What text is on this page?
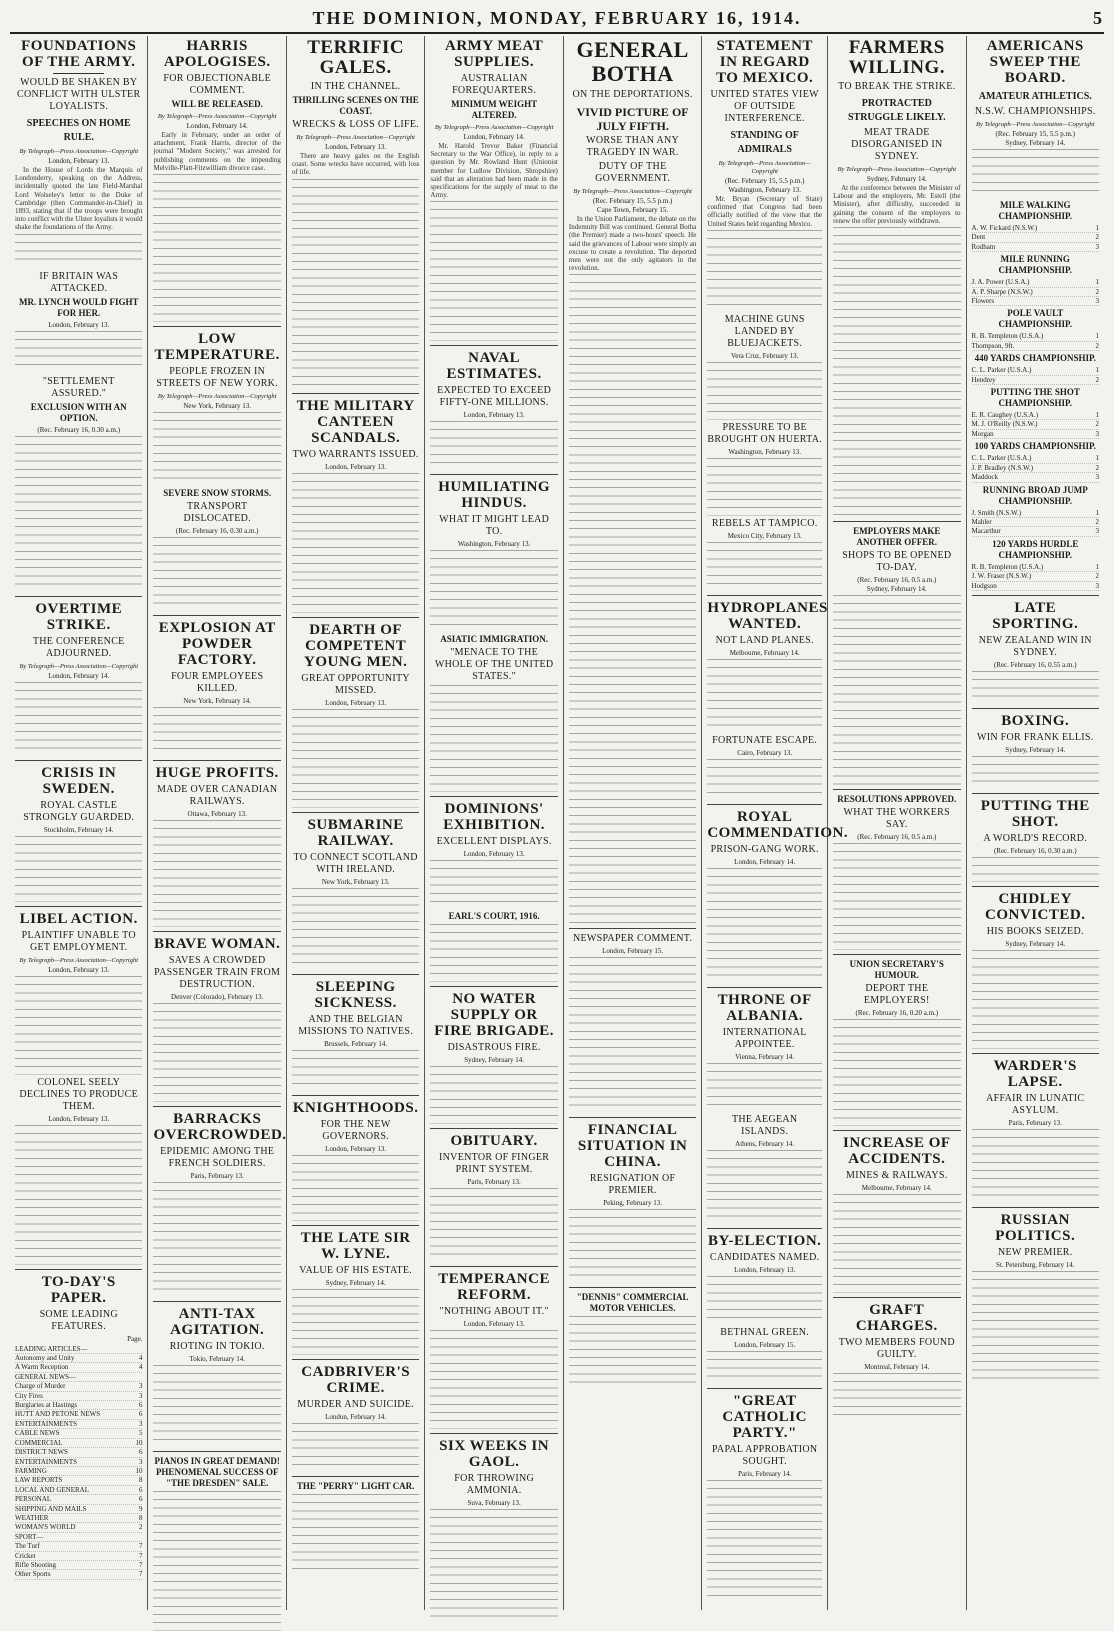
THE DOMINION, MONDAY, FEBRUARY 16, 1914.	5
FOUNDATIONS OF THE ARMY.
WOULD BE SHAKEN BY CONFLICT WITH ULSTER LOYALISTS.
SPEECHES ON HOME RULE.
By Telegraph—Press Association—Copyright
London, February 13.

In the House of Lords the Marquis of Londonderry, speaking on the Address, incidentally quoted the late Field-Marshal Lord Wolseley's letter to the Duke of Cambridge (then Commander-in-Chief) in 1893, stating that if the troops were brought into conflict with the Ulster loyalists it would shake the foundations of the Army.

IF BRITAIN WAS ATTACKED.
MR. LYNCH WOULD FIGHT FOR HER.
London, February 13.
"SETTLEMENT ASSURED."
EXCLUSION WITH AN OPTION.
(Rec. February 16, 0.30 a.m.)
OVERTIME STRIKE.
THE CONFERENCE ADJOURNED.
By Telegraph—Press Association—Copyright
London, February 14.
CRISIS IN SWEDEN.
ROYAL CASTLE STRONGLY GUARDED.
Stockholm, February 14.
LIBEL ACTION.
PLAINTIFF UNABLE TO GET EMPLOYMENT.
By Telegraph—Press Association—Copyright
London, February 13.
COLONEL SEELY DECLINES TO PRODUCE THEM.
London, February 13.
TO-DAY'S PAPER.
SOME LEADING FEATURES.
Page.
LEADING ARTICLES—
Autonomy and Unity	4
A Warm Reception	4
GENERAL NEWS—
Charge of Murder	3
City Fires	3
Burglaries at Hastings	6
HUTT AND PETONE NEWS	6
ENTERTAINMENTS	3
CABLE NEWS	5
COMMERCIAL	10
DISTRICT NEWS	6
ENTERTAINMENTS	3
FARMING	10
LAW REPORTS	8
LOCAL AND GENERAL	6
PERSONAL	6
SHIPPING AND MAILS	9
WEATHER	8
WOMAN'S WORLD	2
SPORT—
The Turf	7
Cricket	7
Rifle Shooting	7
Other Sports	7
HARRIS APOLOGISES.
FOR OBJECTIONABLE COMMENT.
WILL BE RELEASED.
By Telegraph—Press Association—Copyright
London, February 14.

Early in February, under an order of attachment, Frank Harris, director of the journal "Modern Society," was arrested for publishing comments on the impending Melville-Platt-Fitzwilliam divorce case.

LOW TEMPERATURE.
PEOPLE FROZEN IN STREETS OF NEW YORK.
By Telegraph—Press Association—Copyright
New York, February 13.
SEVERE SNOW STORMS.
TRANSPORT DISLOCATED.
(Rec. February 16, 0.30 a.m.)
EXPLOSION AT POWDER FACTORY.
FOUR EMPLOYEES KILLED.
New York, February 14.
HUGE PROFITS.
MADE OVER CANADIAN RAILWAYS.
Ottawa, February 13.
BRAVE WOMAN.
SAVES A CROWDED PASSENGER TRAIN FROM DESTRUCTION.
Denver (Colorado), February 13.
BARRACKS OVERCROWDED.
EPIDEMIC AMONG THE FRENCH SOLDIERS.
Paris, February 13.
ANTI-TAX AGITATION.
RIOTING IN TOKIO.
Tokio, February 14.
PIANOS IN GREAT DEMAND! PHENOMENAL SUCCESS OF "THE DRESDEN" SALE.
TERRIFIC GALES.
IN THE CHANNEL.
THRILLING SCENES ON THE COAST.
WRECKS & LOSS OF LIFE.
By Telegraph—Press Association—Copyright
London, February 13.

There are heavy gales on the English coast. Some wrecks have occurred, with loss of life.

THE MILITARY CANTEEN SCANDALS.
TWO WARRANTS ISSUED.
London, February 13.
DEARTH OF COMPETENT YOUNG MEN.
GREAT OPPORTUNITY MISSED.
London, February 13.
SUBMARINE RAILWAY.
TO CONNECT SCOTLAND WITH IRELAND.
New York, February 13.
SLEEPING SICKNESS.
AND THE BELGIAN MISSIONS TO NATIVES.
Brussels, February 14.
KNIGHTHOODS.
FOR THE NEW GOVERNORS.
London, February 13.
THE LATE SIR W. LYNE.
VALUE OF HIS ESTATE.
Sydney, February 14.
CADBRIVER'S CRIME.
MURDER AND SUICIDE.
London, February 14.
THE "PERRY" LIGHT CAR.
ARMY MEAT SUPPLIES.
AUSTRALIAN FOREQUARTERS.
MINIMUM WEIGHT ALTERED.
By Telegraph—Press Association—Copyright
London, February 14.

Mr. Harold Trevor Baker (Financial Secretary to the War Office), in reply to a question by Mr. Rowland Hunt (Unionist member for Ludlow Division, Shropshire) said that an alteration had been made in the specifications for the supply of meat to the Army.

NAVAL ESTIMATES.
EXPECTED TO EXCEED FIFTY-ONE MILLIONS.
London, February 13.
HUMILIATING HINDUS.
WHAT IT MIGHT LEAD TO.
Washington, February 13.
ASIATIC IMMIGRATION.
"MENACE TO THE WHOLE OF THE UNITED STATES."
DOMINIONS' EXHIBITION.
EXCELLENT DISPLAYS.
London, February 13.
EARL'S COURT, 1916.
NO WATER SUPPLY OR FIRE BRIGADE.
DISASTROUS FIRE.
Sydney, February 14.
OBITUARY.
INVENTOR OF FINGER PRINT SYSTEM.
Paris, February 13.
TEMPERANCE REFORM.
"NOTHING ABOUT IT."
London, February 13.
SIX WEEKS IN GAOL.
FOR THROWING AMMONIA.
Suva, February 13.
GENERAL BOTHA
ON THE DEPORTATIONS.
VIVID PICTURE OF JULY FIFTH.
WORSE THAN ANY TRAGEDY IN WAR.
DUTY OF THE GOVERNMENT.
By Telegraph—Press Association—Copyright
(Rec. February 15, 5.5 p.m.)
Cape Town, February 15.

In the Union Parliament, the debate on the Indemnity Bill was continued. General Botha (the Premier) made a two-hours' speech. He said the grievances of Labour were simply an excuse to create a revolution. The deported men were not the only agitators in the revolution.

NEWSPAPER COMMENT.
London, February 15.
FINANCIAL SITUATION IN CHINA.
RESIGNATION OF PREMIER.
Peking, February 13.
"DENNIS" COMMERCIAL MOTOR VEHICLES.
STATEMENT IN REGARD TO MEXICO.
UNITED STATES VIEW OF OUTSIDE INTERFERENCE.
STANDING OF ADMIRALS
By Telegraph—Press Association—Copyright
(Rec. February 15, 5.5 p.m.)
Washington, February 13.

Mr. Bryan (Secretary of State) confirmed that Congress had been officially notified of the view that the United States held regarding Mexico.

MACHINE GUNS LANDED BY BLUEJACKETS.
Vera Cruz, February 13.
PRESSURE TO BE BROUGHT ON HUERTA.
Washington, February 13.
REBELS AT TAMPICO.
Mexico City, February 13.
HYDROPLANES WANTED.
NOT LAND PLANES.
Melbourne, February 14.
FORTUNATE ESCAPE.
Cairo, February 13.
ROYAL COMMENDATION.
PRISON-GANG WORK.
London, February 14.
THRONE OF ALBANIA.
INTERNATIONAL APPOINTEE.
Vienna, February 14.
THE AEGEAN ISLANDS.
Athens, February 14.
BY-ELECTION.
CANDIDATES NAMED.
London, February 13.
BETHNAL GREEN.
London, February 15.
"GREAT CATHOLIC PARTY."
PAPAL APPROBATION SOUGHT.
Paris, February 14.
FARMERS WILLING.
TO BREAK THE STRIKE.
PROTRACTED STRUGGLE LIKELY.
MEAT TRADE DISORGANISED IN SYDNEY.
By Telegraph—Press Association—Copyright
Sydney, February 14.

At the conference between the Minister of Labour and the employers, Mr. Estell (the Minister), after difficulty, succeeded in gaining the consent of the employers to renew the offer previously withdrawn.

EMPLOYERS MAKE ANOTHER OFFER.
SHOPS TO BE OPENED TO-DAY.
(Rec. February 16, 0.5 a.m.)
Sydney, February 14.
RESOLUTIONS APPROVED.
WHAT THE WORKERS SAY.
(Rec. February 16, 0.5 a.m.)
UNION SECRETARY'S HUMOUR.
DEPORT THE EMPLOYERS!
(Rec. February 16, 0.20 a.m.)
INCREASE OF ACCIDENTS.
MINES & RAILWAYS.
Melbourne, February 14.
GRAFT CHARGES.
TWO MEMBERS FOUND GUILTY.
Montreal, February 14.
AMERICANS SWEEP THE BOARD.
AMATEUR ATHLETICS.
N.S.W. CHAMPIONSHIPS.
By Telegraph—Press Association—Copyright
(Rec. February 15, 5.5 p.m.)
Sydney, February 14.
MILE WALKING CHAMPIONSHIP.
A. W. Fickard (N.S.W.)	1
Dent	2
Rodham	3
MILE RUNNING CHAMPIONSHIP.
J. A. Power (U.S.A.)	1
A. P. Sharpe (N.S.W.)	2
Flowers	3
POLE VAULT CHAMPIONSHIP.
R. B. Templeton (U.S.A.)	1
Thompson, 9ft.	2
440 YARDS CHAMPIONSHIP.
C. L. Parker (U.S.A.)	1
Hendrey	2
PUTTING THE SHOT CHAMPIONSHIP.
E. R. Caughey (U.S.A.)	1
M. J. O'Reilly (N.S.W.)	2
Morgan	3
100 YARDS CHAMPIONSHIP.
C. L. Parker (U.S.A.)	1
J. P. Bradley (N.S.W.)	2
Maddock	3
RUNNING BROAD JUMP CHAMPIONSHIP.
J. Smith (N.S.W.)	1
Mahler	2
Macarthur	3
120 YARDS HURDLE CHAMPIONSHIP.
R. B. Templeton (U.S.A.)	1
J. W. Fraser (N.S.W.)	2
Hodgson	3
LATE SPORTING.
NEW ZEALAND WIN IN SYDNEY.
(Rec. February 16, 0.55 a.m.)
BOXING.
WIN FOR FRANK ELLIS.
Sydney, February 14.
PUTTING THE SHOT.
A WORLD'S RECORD.
(Rec. February 16, 0.30 a.m.)
CHIDLEY CONVICTED.
HIS BOOKS SEIZED.
Sydney, February 14.
WARDER'S LAPSE.
AFFAIR IN LUNATIC ASYLUM.
Paris, February 13.
RUSSIAN POLITICS.
NEW PREMIER.
St. Petersburg, February 14.
